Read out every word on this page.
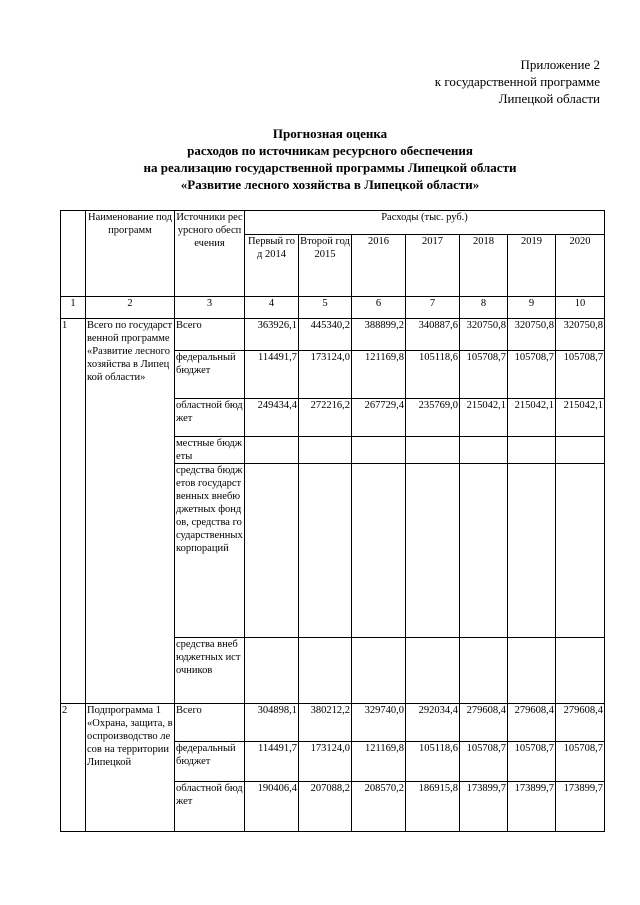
Приложение 2
к государственной программе
Липецкой области
Прогнозная оценка
расходов по источникам ресурсного обеспечения
на реализацию государственной программы Липецкой области
«Развитие лесного хозяйства в Липецкой области»
	Наименование подпрограмм	Источники ресурсного обеспечения	Расходы (тыс. руб.)						
			Первый год 2014	Второй год 2015	2016	2017	2018	2019	2020
1	2	3	4	5	6	7	8	9	10
1	Всего по государственной программе «Развитие лесного хозяйства в Липецкой области»	Всего	363926,1	445340,2	388899,2	340887,6	320750,8	320750,8	320750,8
		федеральный бюджет	114491,7	173124,0	121169,8	105118,6	105708,7	105708,7	105708,7
		областной бюджет	249434,4	272216,2	267729,4	235769,0	215042,1	215042,1	215042,1
		местные бюджеты							
		средства бюджетов государственных внебюджетных фондов, средства государственных корпораций							
		средства внебюджетных источников							
2	Подпрограмма 1 «Охрана, защита, воспроизводство лесов на территории Липецкой	Всего	304898,1	380212,2	329740,0	292034,4	279608,4	279608,4	279608,4
		федеральный бюджет	114491,7	173124,0	121169,8	105118,6	105708,7	105708,7	105708,7
		областной бюджет	190406,4	207088,2	208570,2	186915,8	173899,7	173899,7	173899,7
